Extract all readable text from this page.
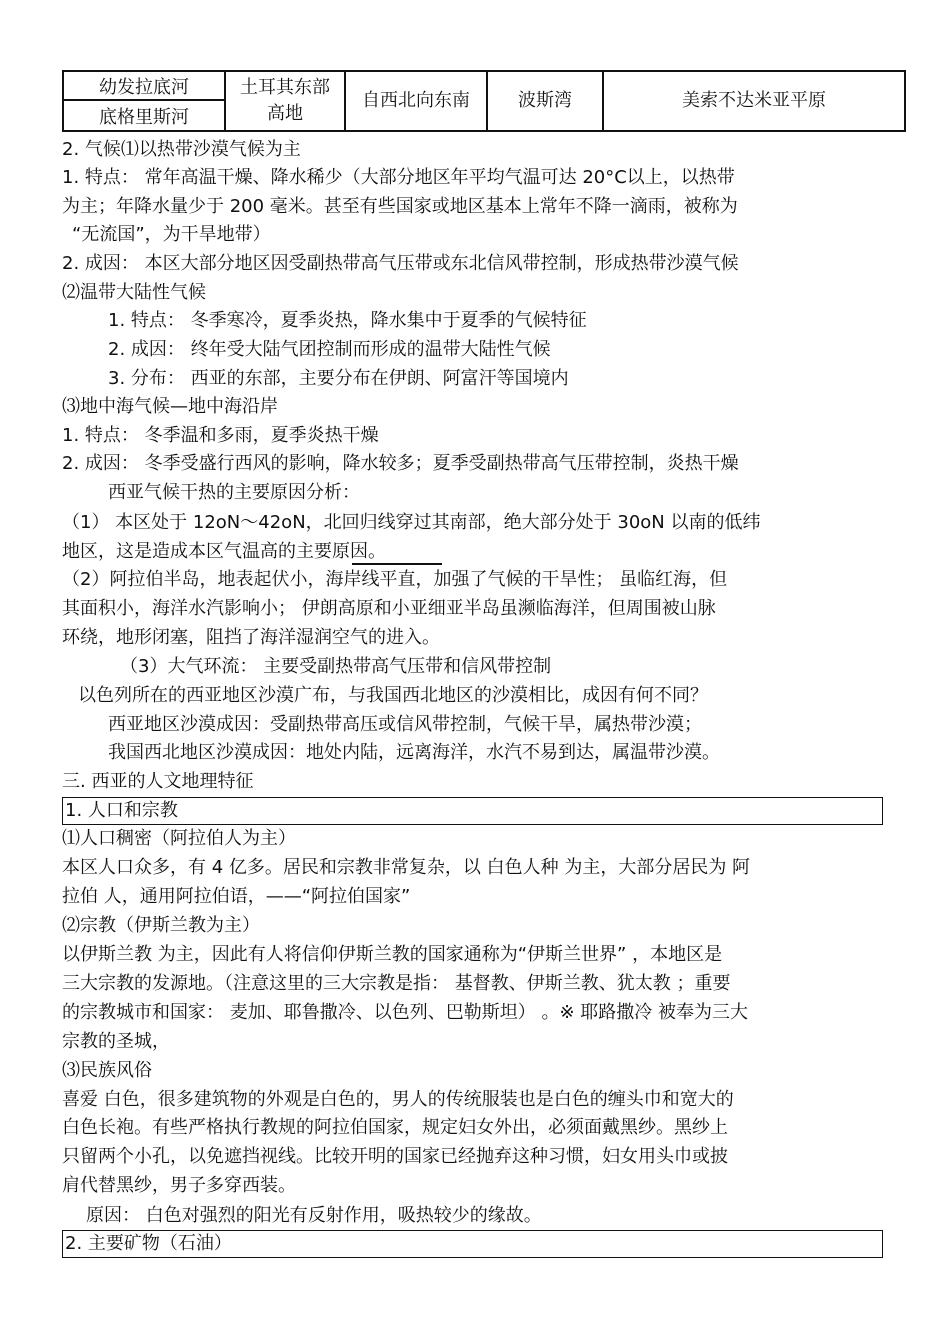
幼发拉底河
底格里斯河
土耳其东部
高地
自西北向东南	波斯湾	美索不达米亚平原
2. 气候⑴以热带沙漠气候为主
1. 特点： 常年高温干燥、降水稀少（大部分地区年平均气温可达 20°C以上，以热带
为主；年降水量少于 200 毫米。甚至有些国家或地区基本上常年不降一滴雨，被称为
“无流国”，为干旱地带）
2. 成因： 本区大部分地区因受副热带高气压带或东北信风带控制，形成热带沙漠气候
⑵温带大陆性气候
1. 特点： 冬季寒冷，夏季炎热，降水集中于夏季的气候特征
2. 成因： 终年受大陆气团控制而形成的温带大陆性气候
3. 分布： 西亚的东部，主要分布在伊朗、阿富汗等国境内
⑶地中海气候—地中海沿岸
1. 特点： 冬季温和多雨，夏季炎热干燥
2. 成因： 冬季受盛行西风的影响，降水较多；夏季受副热带高气压带控制，炎热干燥
西亚气候干热的主要原因分析：
（1） 本区处于 12oN～42oN，北回归线穿过其南部，绝大部分处于 30oN 以南的低纬
地区，这是造成本区气温高的主要原因。
（2）阿拉伯半岛，地表起伏小，海岸线平直，加强了气候的干旱性； 虽临红海，但
其面积小，海洋水汽影响小； 伊朗高原和小亚细亚半岛虽濒临海洋，但周围被山脉
环绕，地形闭塞，阻挡了海洋湿润空气的进入。
（3）大气环流： 主要受副热带高气压带和信风带控制
以色列所在的西亚地区沙漠广布，与我国西北地区的沙漠相比，成因有何不同？
西亚地区沙漠成因：受副热带高压或信风带控制，气候干旱，属热带沙漠；
我国西北地区沙漠成因：地处内陆，远离海洋，水汽不易到达，属温带沙漠。
三. 西亚的人文地理特征
1. 人口和宗教
⑴人口稠密（阿拉伯人为主）
本区人口众多，有 4 亿多。居民和宗教非常复杂，以 白色人种 为主，大部分居民为 阿
拉伯 人，通用阿拉伯语，——“阿拉伯国家”
⑵宗教（伊斯兰教为主）
以伊斯兰教 为主，因此有人将信仰伊斯兰教的国家通称为“伊斯兰世界” ，本地区是
三大宗教的发源地。（注意这里的三大宗教是指： 基督教、伊斯兰教、犹太教 ；重要
的宗教城市和国家： 麦加、耶鲁撒冷、以色列、巴勒斯坦） 。※ 耶路撒冷 被奉为三大
宗教的圣城，
⑶民族风俗
喜爱 白色，很多建筑物的外观是白色的，男人的传统服装也是白色的缠头巾和宽大的
白色长袍。有些严格执行教规的阿拉伯国家，规定妇女外出，必须面戴黑纱。黑纱上
只留两个小孔，以免遮挡视线。比较开明的国家已经抛弃这种习惯，妇女用头巾或披
肩代替黑纱，男子多穿西装。
原因： 白色对强烈的阳光有反射作用，吸热较少的缘故。
2. 主要矿物（石油）
